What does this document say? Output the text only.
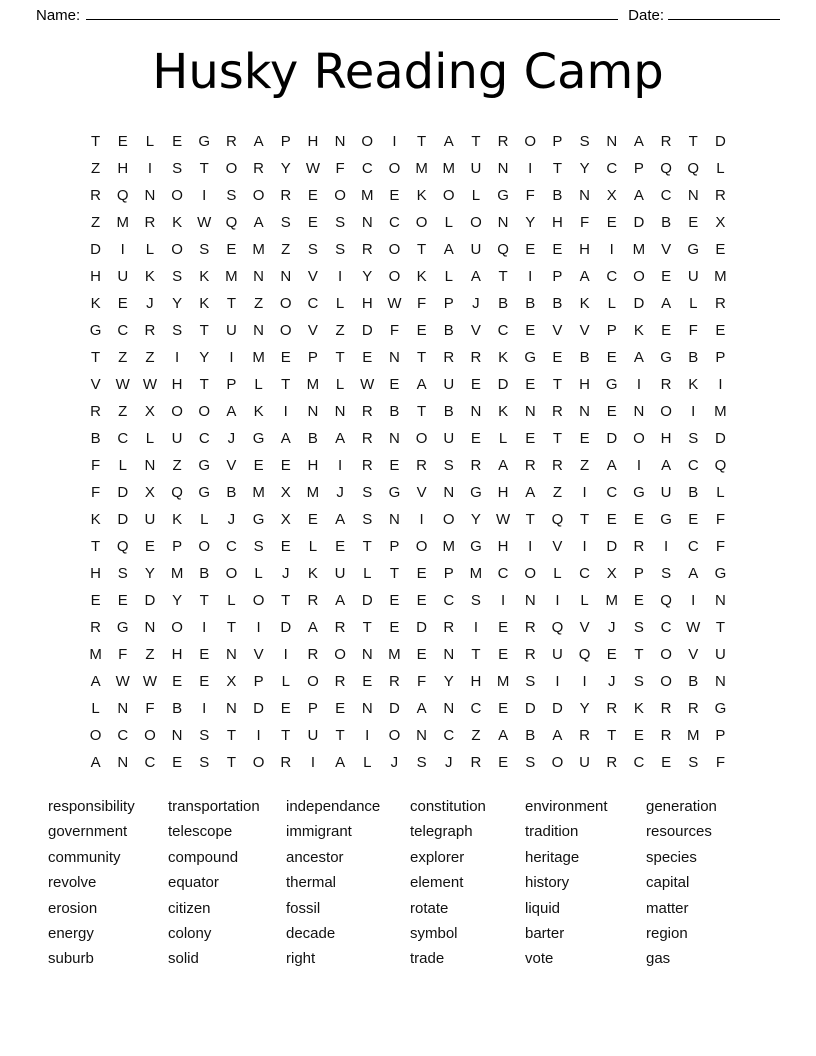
Name:	Date:
Husky Reading Camp
T E L E G R A P H N O I T A T R O P S N A R T D
Z H I S T O R Y W F C O M M U N I T Y C P Q Q L
R Q N O I S O R E O M E K O L G F B N X A C N R
Z M R K W Q A S E S N C O L O N Y H F E D B E X
D I L O S E M Z S S R O T A U Q E E H I M V G E
H U K S K M N N V I Y O K L A T I P A C O E U M
K E J Y K T Z O C L H W F P J B B B K L D A L R
G C R S T U N O V Z D F E B V C E V V P K E F E
T Z Z I Y I M E P T E N T R R K G E B E A G B P
V W W H T P L T M L W E A U E D E T H G I R K I
R Z X O O A K I N N R B T B N K N R N E N O I M
B C L U C J G A B A R N O U E L E T E D O H S D
F L N Z G V E E H I R E R S R A R R Z A I A C Q
F D X Q G B M X M J S G V N G H A Z I C G U B L
K D U K L J G X E A S N I O Y W T Q T E E G E F
T Q E P O C S E L E T P O M G H I V I D R I C F
H S Y M B O L J K U L T E P M C O L C X P S A G
E E D Y T L O T R A D E E C S I N I L M E Q I N
R G N O I T I D A R T E D R I E R Q V J S C W T
M F Z H E N V I R O N M E N T E R U Q E T O V U
A W W E E X P L O R E R F Y H M S I I J S O B N
L N F B I N D E P E N D A N C E D D Y R K R R G
O C O N S T I T U T I O N C Z A B A R T E R M P
A N C E S T O R I A L J S J R E S O U R C E S F
responsibility	transportation	independance	constitution	environment	generation
government	telescope	immigrant	telegraph	tradition	resources
community	compound	ancestor	explorer	heritage	species
revolve	equator	thermal	element	history	capital
erosion	citizen	fossil	rotate	liquid	matter
energy	colony	decade	symbol	barter	region
suburb	solid	right	trade	vote	gas
